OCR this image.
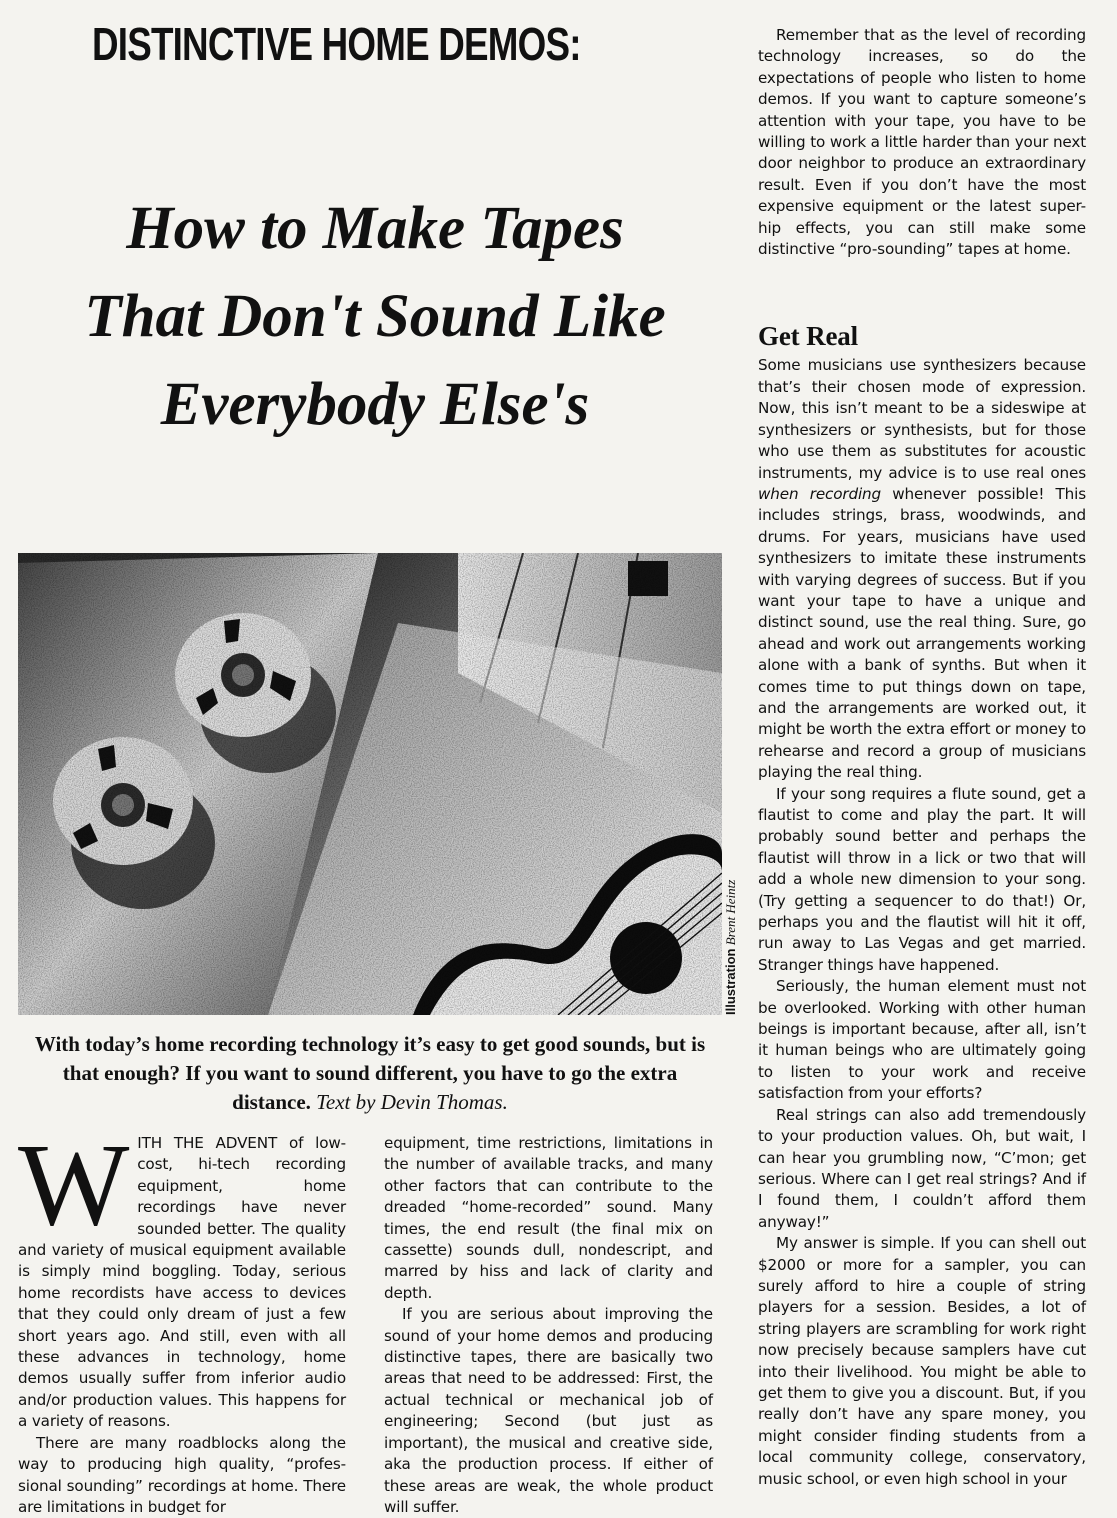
DISTINCTIVE HOME DEMOS:
How to Make Tapes
That Don't Sound Like
Everybody Else's
Illustration Brent Heintz
With today’s home recording technology it’s easy to get good sounds, but is that enough? If you want to sound different, you have to go the extra distance. Text by Devin Thomas.

WITH THE ADVENT of low-cost, hi-tech recording equipment, home recordings have never sounded better. The quality and variety of musical equipment available is simply mind boggling. Today, serious home recordists have access to devices that they could only dream of just a few short years ago. And still, even with all these advances in technology, home demos usually suffer from inferior audio and/or production values. This happens for a variety of reasons.

There are many roadblocks along the way to producing high quality, “profes-sional sounding” recordings at home. There are limitations in budget for

equipment, time restrictions, limitations in the number of available tracks, and many other factors that can contribute to the dreaded “home-recorded” sound. Many times, the end result (the final mix on cassette) sounds dull, nondescript, and marred by hiss and lack of clarity and depth.

If you are serious about improving the sound of your home demos and producing distinctive tapes, there are basically two areas that need to be addressed: First, the actual technical or mechanical job of engineering; Second (but just as important), the musical and creative side, aka the production process. If either of these areas are weak, the whole product will suffer.

Remember that as the level of recording technology increases, so do the expectations of people who listen to home demos. If you want to capture someone’s attention with your tape, you have to be willing to work a little harder than your next door neighbor to produce an extraordinary result. Even if you don’t have the most expensive equipment or the latest super-hip effects, you can still make some distinctive “pro-sounding” tapes at home.

Get Real

Some musicians use synthesizers because that’s their chosen mode of expression. Now, this isn’t meant to be a sideswipe at synthesizers or synthesists, but for those who use them as substitutes for acoustic instruments, my advice is to use real ones when recording whenever possible! This includes strings, brass, woodwinds, and drums. For years, musicians have used synthesizers to imitate these instruments with varying degrees of success. But if you want your tape to have a unique and distinct sound, use the real thing. Sure, go ahead and work out arrangements working alone with a bank of synths. But when it comes time to put things down on tape, and the arrangements are worked out, it might be worth the extra effort or money to rehearse and record a group of musicians playing the real thing.

If your song requires a flute sound, get a flautist to come and play the part. It will probably sound better and perhaps the flautist will throw in a lick or two that will add a whole new dimension to your song. (Try getting a sequencer to do that!) Or, perhaps you and the flautist will hit it off, run away to Las Vegas and get married. Stranger things have happened.

Seriously, the human element must not be overlooked. Working with other human beings is important because, after all, isn’t it human beings who are ultimately going to listen to your work and receive satisfaction from your efforts?

Real strings can also add tremendously to your production values. Oh, but wait, I can hear you grumbling now, “C’mon; get serious. Where can I get real strings? And if I found them, I couldn’t afford them anyway!”

My answer is simple. If you can shell out $2000 or more for a sampler, you can surely afford to hire a couple of string players for a session. Besides, a lot of string players are scrambling for work right now precisely because samplers have cut into their livelihood. You might be able to get them to give you a discount. But, if you really don’t have any spare money, you might consider finding students from a local community college, conservatory, music school, or even high school in your
